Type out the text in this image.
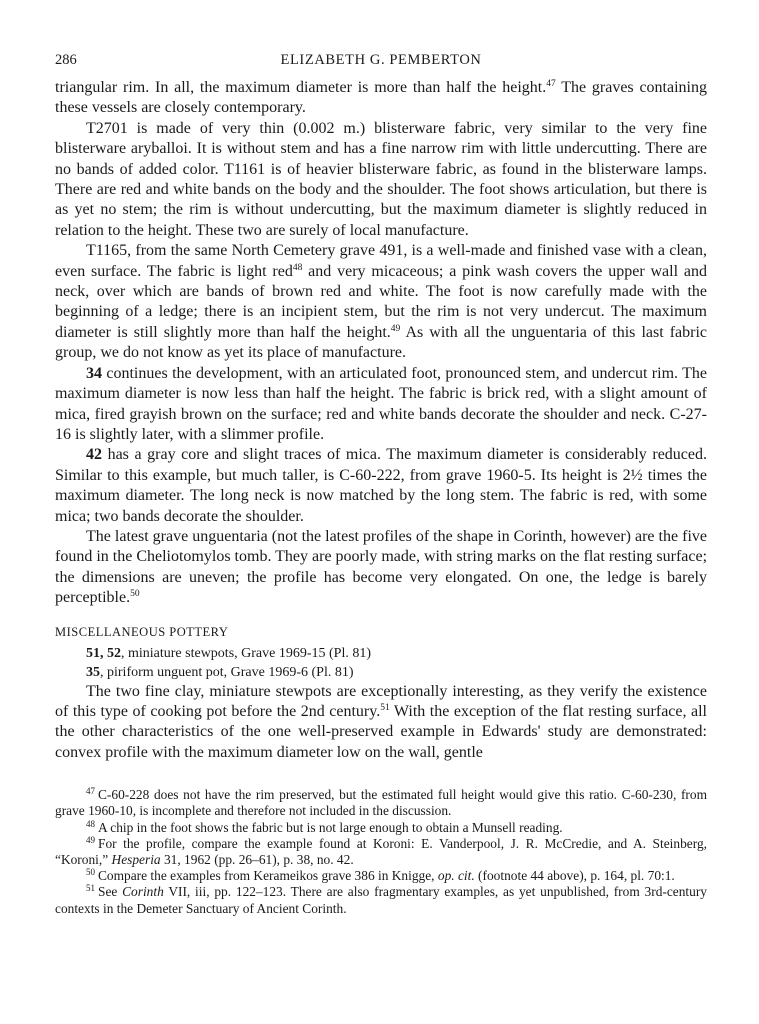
286	ELIZABETH G. PEMBERTON

triangular rim. In all, the maximum diameter is more than half the height.$^{47}$ The graves containing these vessels are closely contemporary.

T2701 is made of very thin (0.002 m.) blisterware fabric, very similar to the very fine blisterware aryballoi. It is without stem and has a fine narrow rim with little undercutting. There are no bands of added color. T1161 is of heavier blisterware fabric, as found in the blisterware lamps. There are red and white bands on the body and the shoulder. The foot shows articulation, but there is as yet no stem; the rim is without undercutting, but the maximum diameter is slightly reduced in relation to the height. These two are surely of local manufacture.

T1165, from the same North Cemetery grave 491, is a well-made and finished vase with a clean, even surface. The fabric is light red$^{48}$ and very micaceous; a pink wash covers the upper wall and neck, over which are bands of brown red and white. The foot is now carefully made with the beginning of a ledge; there is an incipient stem, but the rim is not very undercut. The maximum diameter is still slightly more than half the height.$^{49}$ As with all the unguentaria of this last fabric group, we do not know as yet its place of manufacture.

34 continues the development, with an articulated foot, pronounced stem, and undercut rim. The maximum diameter is now less than half the height. The fabric is brick red, with a slight amount of mica, fired grayish brown on the surface; red and white bands decorate the shoulder and neck. C-27-16 is slightly later, with a slimmer profile.

42 has a gray core and slight traces of mica. The maximum diameter is considerably reduced. Similar to this example, but much taller, is C-60-222, from grave 1960-5. Its height is 2½ times the maximum diameter. The long neck is now matched by the long stem. The fabric is red, with some mica; two bands decorate the shoulder.

The latest grave unguentaria (not the latest profiles of the shape in Corinth, however) are the five found in the Cheliotomylos tomb. They are poorly made, with string marks on the flat resting surface; the dimensions are uneven; the profile has become very elongated. On one, the ledge is barely perceptible.$^{50}$

MISCELLANEOUS POTTERY
51, 52, miniature stewpots, Grave 1969-15 (Pl. 81)
35, piriform unguent pot, Grave 1969-6 (Pl. 81)

The two fine clay, miniature stewpots are exceptionally interesting, as they verify the existence of this type of cooking pot before the 2nd century.$^{51}$ With the exception of the flat resting surface, all the other characteristics of the one well-preserved example in Edwards' study are demonstrated: convex profile with the maximum diameter low on the wall, gentle

$^{47}$ C-60-228 does not have the rim preserved, but the estimated full height would give this ratio. C-60-230, from grave 1960-10, is incomplete and therefore not included in the discussion.

$^{48}$ A chip in the foot shows the fabric but is not large enough to obtain a Munsell reading.

$^{49}$ For the profile, compare the example found at Koroni: E. Vanderpool, J. R. McCredie, and A. Steinberg, “Koroni,” Hesperia 31, 1962 (pp. 26–61), p. 38, no. 42.

$^{50}$ Compare the examples from Kerameikos grave 386 in Knigge, op. cit. (footnote 44 above), p. 164, pl. 70:1.

$^{51}$ See Corinth VII, iii, pp. 122–123. There are also fragmentary examples, as yet unpublished, from 3rd-century contexts in the Demeter Sanctuary of Ancient Corinth.
